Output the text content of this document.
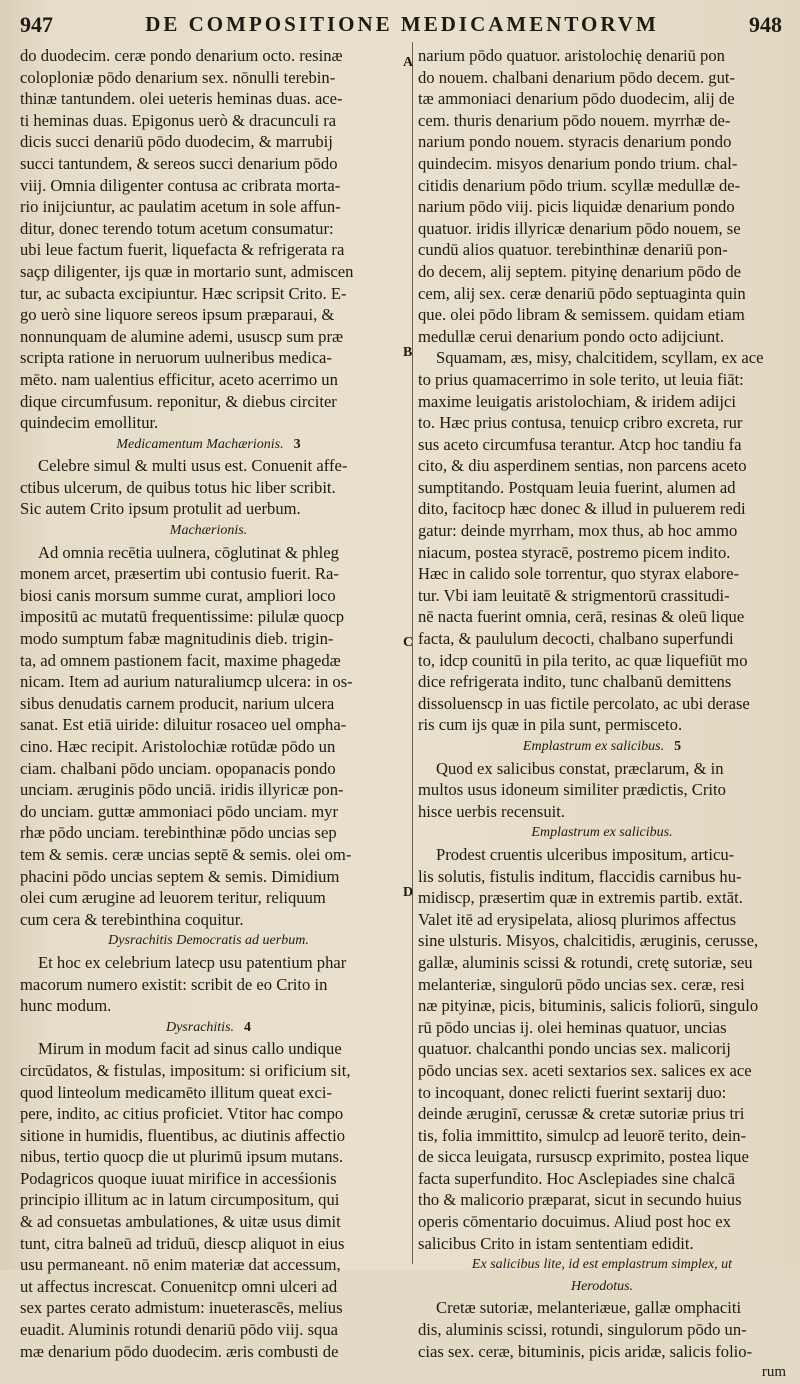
947	DE COMPOSITIONE MEDICAMENTORVM	948
do duodecim. ceræ pondo denarium octo. resinæ
coloploniæ pōdo denarium sex. nōnulli terebin-
thinæ tantundem. olei ueteris heminas duas. ace-
ti heminas duas. Epigonus uerò & dracunculi ra
dicis succi denariū pōdo duodecim, & marrubij
succi tantundem, & sereos succi denarium pōdo
viij. Omnia diligenter contusa ac cribrata morta-
rio inijciuntur, ac paulatim acetum in sole affun-
ditur, donec terendo totum acetum consumatur:
ubi leue factum fuerit, liquefacta & refrigerata ra
saçp diligenter, ijs quæ in mortario sunt, admiscen
tur, ac subacta excipiuntur. Hæc scripsit Crito. E-
go uerò sine liquore sereos ipsum præparaui, &
nonnunquam de alumine ademi, ususcp sum præ
scripta ratione in neruorum uulneribus medica-
mēto. nam ualentius efficitur, aceto acerrimo un
dique circumfusum. reponitur, & diebus circiter
quindecim emollitur.
Medicamentum Machærionis. 3
Celebre simul & multi usus est. Conuenit affe-
ctibus ulcerum, de quibus totus hic liber scribit.
Sic autem Crito ipsum protulit ad uerbum.
Machærionis.
Ad omnia recētia uulnera, cōglutinat & phleg
monem arcet, præsertim ubi contusio fuerit. Ra-
biosi canis morsum summe curat, ampliori loco
impositū ac mutatū frequentissime: pilulæ quocp
modo sumptum fabæ magnitudinis dieb. trigin-
ta, ad omnem pastionem facit, maxime phagedæ
nicam. Item ad aurium naturaliumcp ulcera: in os-
sibus denudatis carnem producit, narium ulcera
sanat. Est etiā uiride: diluitur rosaceo uel ompha-
cino. Hæc recipit. Aristolochiæ rotūdæ pōdo un
ciam. chalbani pōdo unciam. opopanacis pondo
unciam. æruginis pōdo unciā. iridis illyricæ pon-
do unciam. guttæ ammoniaci pōdo unciam. myr
rhæ pōdo unciam. terebinthinæ pōdo uncias sep
tem & semis. ceræ uncias septē & semis. olei om-
phacini pōdo uncias septem & semis. Dimidium
olei cum ærugine ad leuorem teritur, reliquum
cum cera & terebinthina coquitur.
Dysrachitis Democratis ad uerbum.
Et hoc ex celebrium latecp usu patentium phar
macorum numero existit: scribit de eo Crito in
hunc modum.
Dysrachitis. 4
Mirum in modum facit ad sinus callo undique
circūdatos, & fistulas, impositum: si orificium sit,
quod linteolum medicamēto illitum queat exci-
pere, indito, ac citius proficiet. Vtitor hac compo
sitione in humidis, fluentibus, ac diutinis affectio
nibus, tertio quocp die ut plurimū ipsum mutans.
Podagricos quoque iuuat mirifice in accesśionis
principio illitum ac in latum circumpositum, qui
& ad consuetas ambulationes, & uitæ usus dimit
tunt, citra balneū ad triduū, diescp aliquot in eius
usu permaneant. nō enim materiæ dat accessum,
ut affectus increscat. Conuenitcp omni ulceri ad
sex partes cerato admistum: inueterascēs, melius
euadit. Aluminis rotundi denariū pōdo viij. squa
mæ denarium pōdo duodecim. æris combusti de
A
B
C
D
narium pōdo quatuor. aristolochię denariū pon
do nouem. chalbani denarium pōdo decem. gut-
tæ ammoniaci denarium pōdo duodecim, alij de
cem. thuris denarium pōdo nouem. myrrhæ de-
narium pondo nouem. styracis denarium pondo
quindecim. misyos denarium pondo trium. chal-
citidis denarium pōdo trium. scyllæ medullæ de-
narium pōdo viij. picis liquidæ denarium pondo
quatuor. iridis illyricæ denarium pōdo nouem, se
cundū alios quatuor. terebinthinæ denariū pon-
do decem, alij septem. pityinę denarium pōdo de
cem, alij sex. ceræ denariū pōdo septuaginta quin
que. olei pōdo libram & semissem. quidam etiam
medullæ cerui denarium pondo octo adijciunt.
Squamam, æs, misy, chalcitidem, scyllam, ex ace
to prius quamacerrimo in sole terito, ut leuia fiāt:
maxime leuigatis aristolochiam, & iridem adijci
to. Hæc prius contusa, tenuicp cribro excreta, rur
sus aceto circumfusa terantur. Atcp hoc tandiu fa
cito, & diu asperdinem sentias, non parcens aceto
sumptitando. Postquam leuia fuerint, alumen ad
dito, facitocp hæc donec & illud in puluerem redi
gatur: deinde myrrham, mox thus, ab hoc ammo
niacum, postea styracē, postremo picem indito.
Hæc in calido sole torrentur, quo styrax elabore-
tur. Vbi iam leuitatē & strigmentorū crassitudi-
nē nacta fuerint omnia, cerā, resinas & oleū lique
facta, & paululum decocti, chalbano superfundi
to, idcp counitū in pila terito, ac quæ liquefiūt mo
dice refrigerata indito, tunc chalbanū demittens
dissoluenscp in uas fictile percolato, ac ubi derase
ris cum ijs quæ in pila sunt, permisceto.
Emplastrum ex salicibus. 5
Quod ex salicibus constat, præclarum, & in
multos usus idoneum similiter prædictis, Crito
hisce uerbis recensuit.
Emplastrum ex salicibus.
Prodest cruentis ulceribus impositum, articu-
lis solutis, fistulis inditum, flaccidis carnibus hu-
midiscp, præsertim quæ in extremis partib. extāt.
Valet itē ad erysipelata, aliosq plurimos affectus
sine ulsturis. Misyos, chalcitidis, æruginis, cerusse,
gallæ, aluminis scissi & rotundi, cretę sutoriæ, seu
melanteriæ, singulorū pōdo uncias sex. ceræ, resi
næ pityinæ, picis, bituminis, salicis foliorū, singulo
rū pōdo uncias ij. olei heminas quatuor, uncias
quatuor. chalcanthi pondo uncias sex. malicorij
pōdo uncias sex. aceti sextarios sex. salices ex ace
to incoquant, donec relicti fuerint sextarij duo:
deinde æruginī, cerussæ & cretæ sutoriæ prius tri
tis, folia immittito, simulcp ad leuorē terito, dein-
de sicca leuigata, rursuscp exprimito, postea lique
facta superfundito. Hoc Asclepiades sine chalcā
tho & malicorio præparat, sicut in secundo huius
operis cōmentario docuimus. Aliud post hoc ex
salicibus Crito in istam sententiam edidit.
Ex salicibus lite, id est emplastrum simplex, ut
Herodotus.
Cretæ sutoriæ, melanteriæue, gallæ omphaciti
dis, aluminis scissi, rotundi, singulorum pōdo un-
cias sex. ceræ, bituminis, picis aridæ, salicis folio-
rum
